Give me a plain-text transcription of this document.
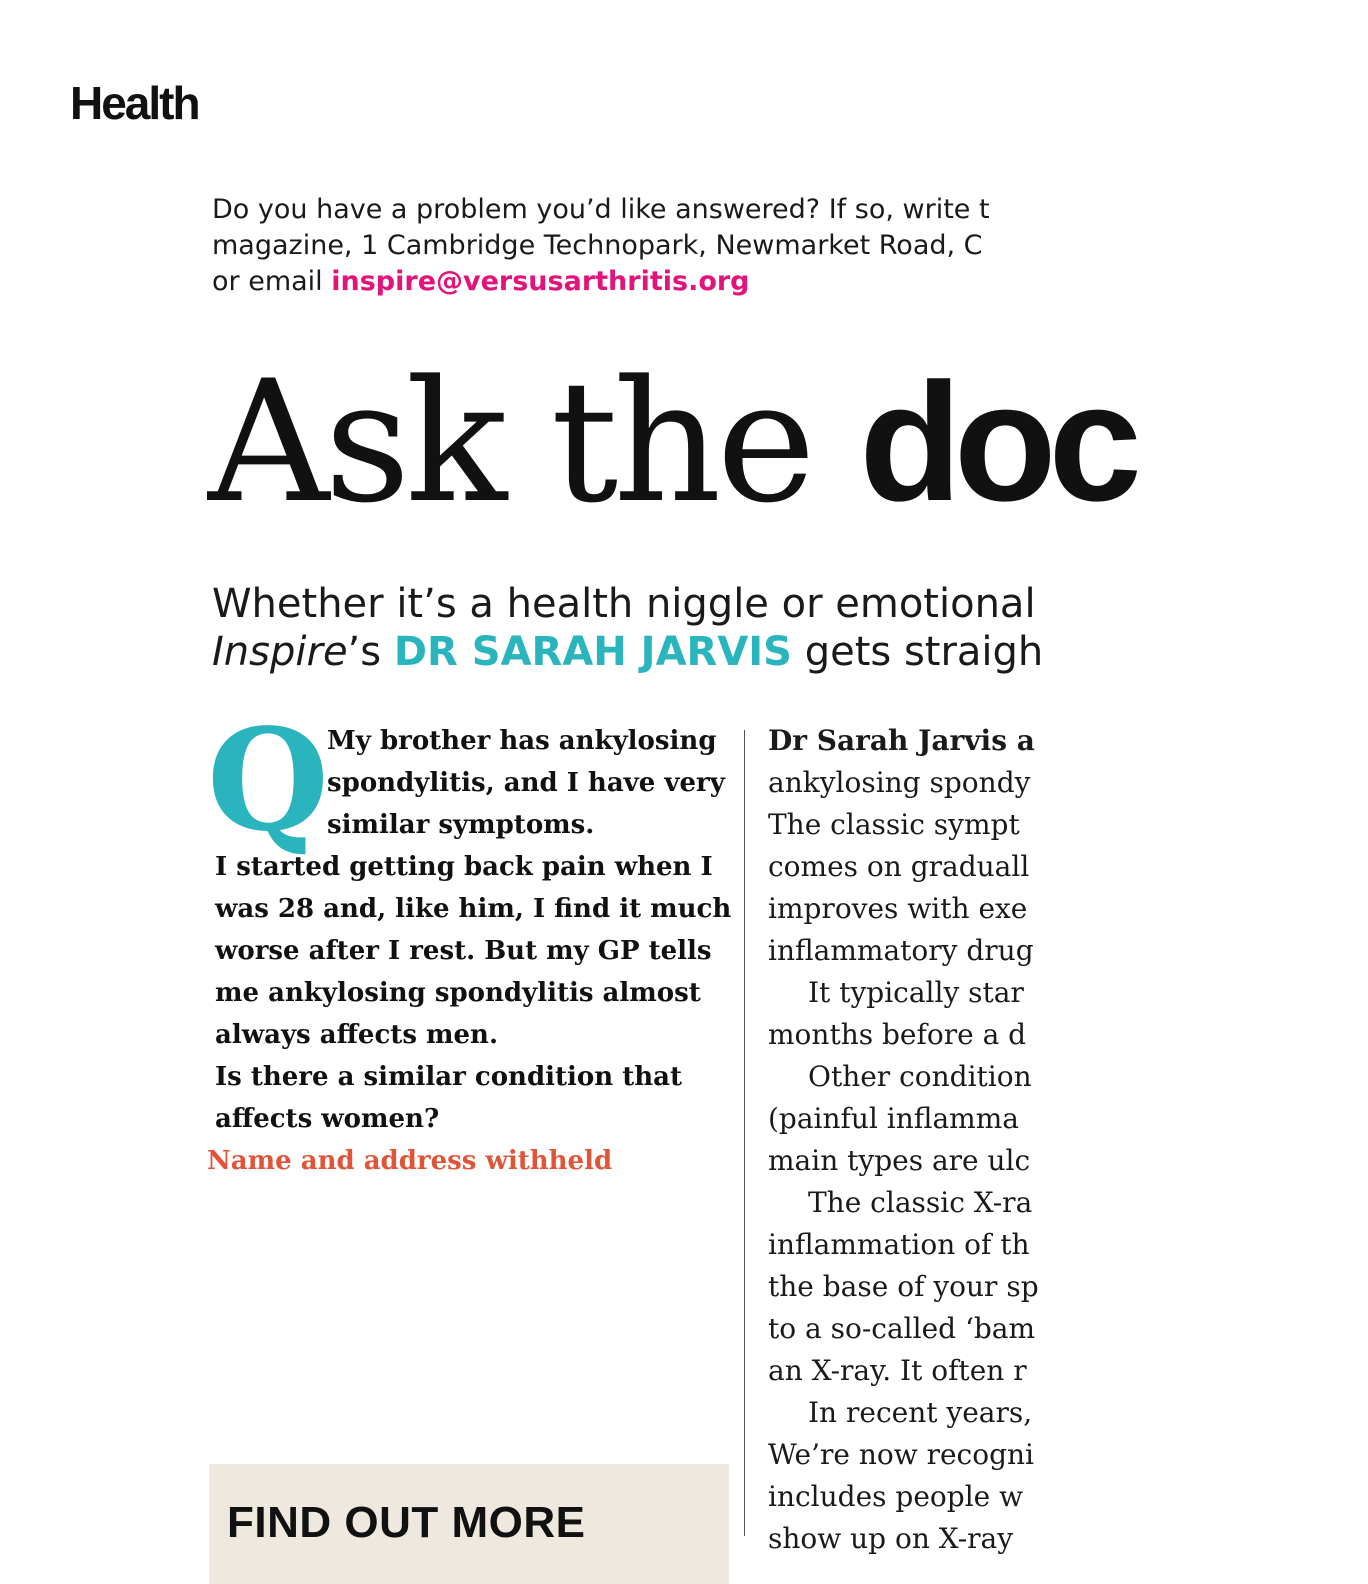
Health
Do you have a problem you’d like answered? If so, write t
magazine, 1 Cambridge Technopark, Newmarket Road, C
or email inspire@versusarthritis.org
Ask the doc
Whether it’s a health niggle or emotional
Inspire’s DR SARAH JARVIS gets straigh
Q

My brother has ankylosing

spondylitis, and I have very

similar symptoms.

I started getting back pain when I was 28 and, like him, I find it much worse after I rest. But my GP tells me ankylosing spondylitis almost always affects men.

Is there a similar condition that affects women?

Name and address withheld

Dr Sarah Jarvis a
ankylosing spondy
The classic sympt
comes on graduall
improves with exe
inflammatory drug
It typically star
months before a d
Other condition
(painful inflamma
main types are ulc
The classic X-ra
inflammation of th
the base of your sp
to a so-called ‘bam
an X-ray. It often r
In recent years,
We’re now recogni
includes people w
show up on X-ray
FIND OUT MORE
